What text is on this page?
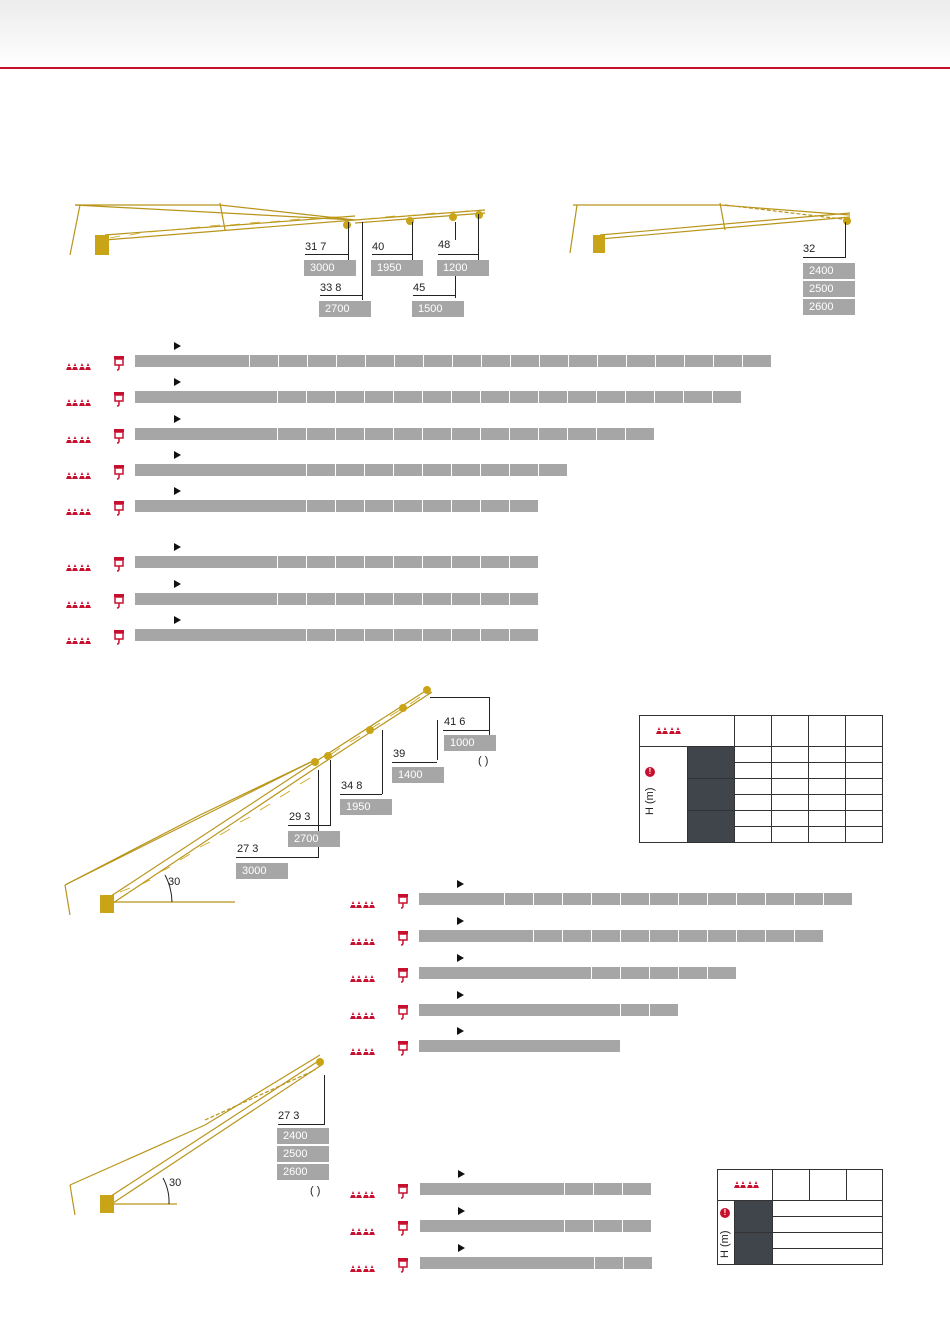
31 7	40	48
33 8	45
3000	1950	1200
2700	1500
32
2400
2500
2600
30
41 6
39
34 8
29 3
27 3
1000
1400
1950
2700
3000
( )

H (m)
!
30
27 3
2400
2500
2600
( )

H (m)
!
